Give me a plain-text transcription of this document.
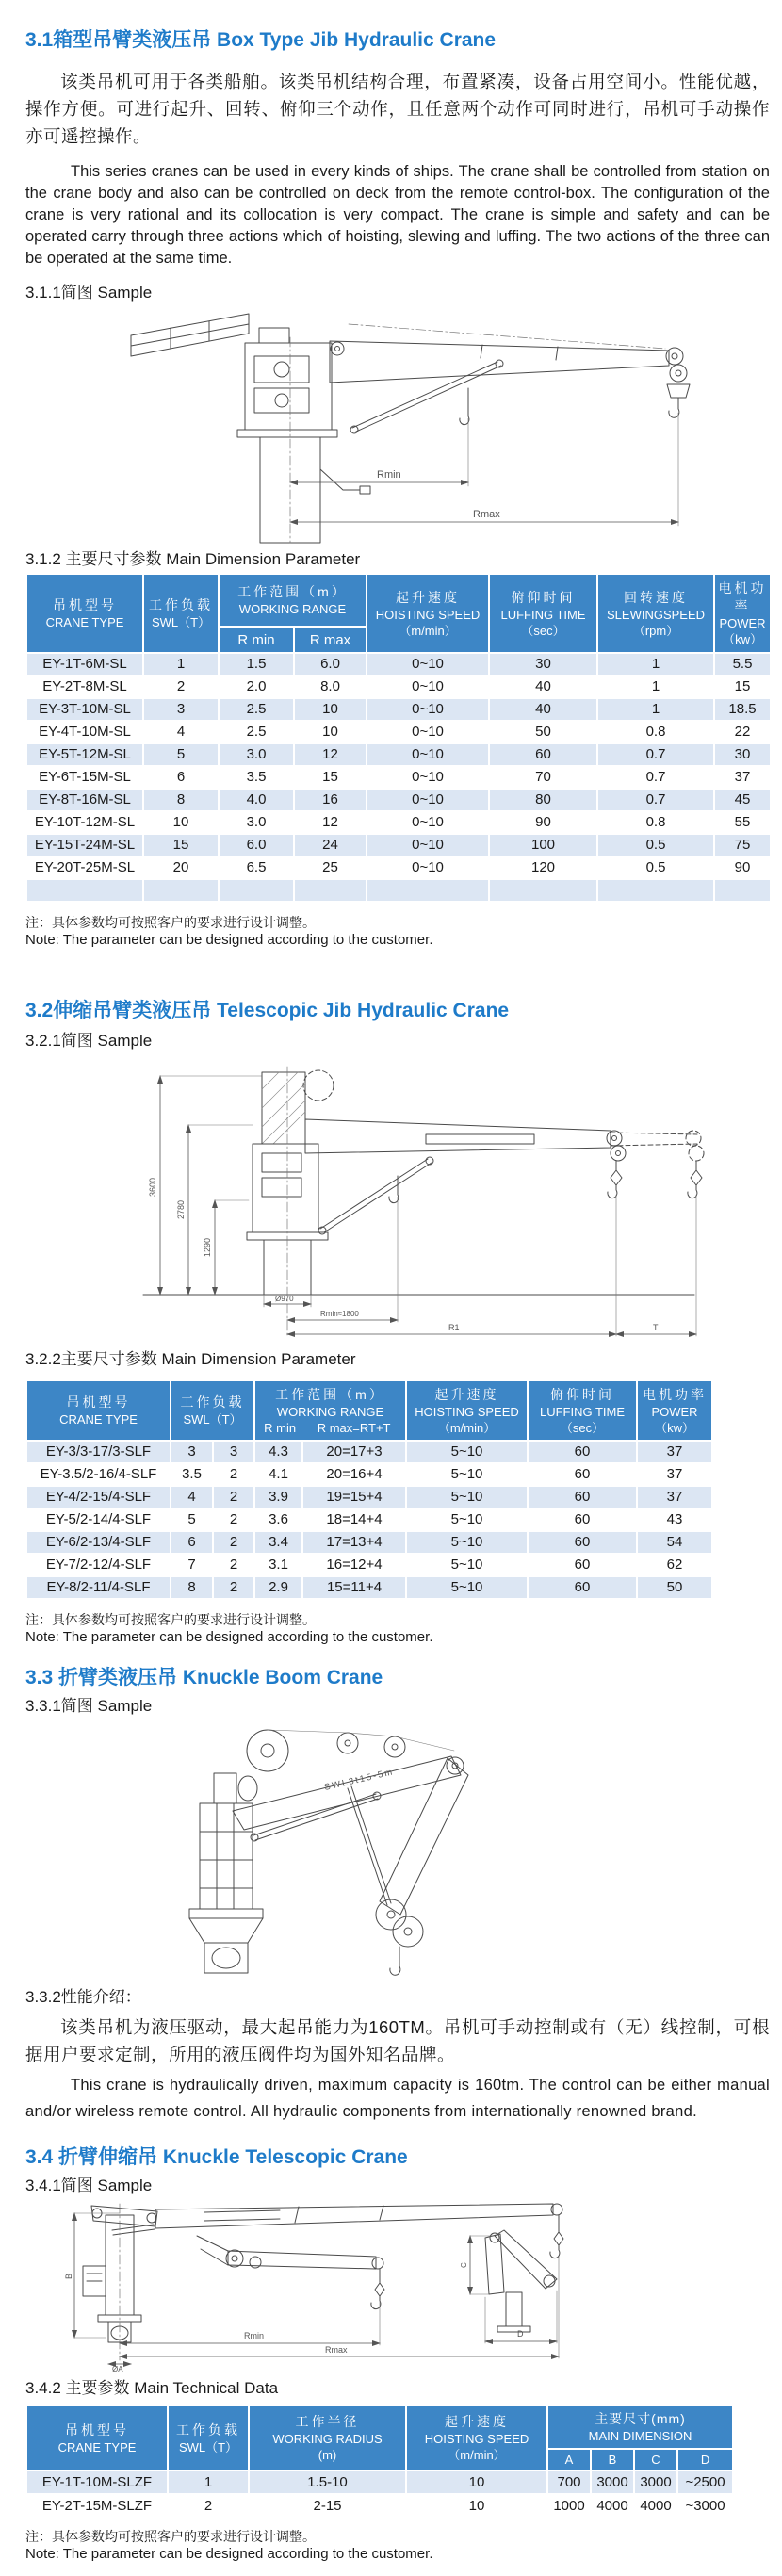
3.1箱型吊臂类液压吊 Box Type Jib Hydraulic Crane

该类吊机可用于各类船舶。该类吊机结构合理，布置紧凑，设备占用空间小。性能优越，操作方便。可进行起升、回转、俯仰三个动作，且任意两个动作可同时进行，吊机可手动操作亦可遥控操作。

This series cranes can be used in every kinds of ships. The crane shall be controlled from station on the crane body and also can be controlled on deck from the remote control-box. The configuration of the crane is very rational and its collocation is very compact. The crane is simple and safety and can be operated carry through three actions which of hoisting, slewing and luffing. The two actions of the three can be operated at the same time.

3.1.1简图 Sample
Rmin
Rmax
3.1.2 主要尺寸参数 Main Dimension Parameter
吊机型号
CRANE TYPE	工作负载
SWL（T）	工作范围（m）
WORKING RANGE		起升速度
HOISTING SPEED
（m/min）	俯仰时间
LUFFING TIME
（sec）	回转速度
SLEWINGSPEED
（rpm）	电机功率
POWER
（kw）

		R min	R max				
EY-1T-6M-SL	1	1.5	6.0	0~10	30	1	5.5
EY-2T-8M-SL	2	2.0	8.0	0~10	40	1	15
EY-3T-10M-SL	3	2.5	10	0~10	40	1	18.5
EY-4T-10M-SL	4	2.5	10	0~10	50	0.8	22
EY-5T-12M-SL	5	3.0	12	0~10	60	0.7	30
EY-6T-15M-SL	6	3.5	15	0~10	70	0.7	37
EY-8T-16M-SL	8	4.0	16	0~10	80	0.7	45
EY-10T-12M-SL	10	3.0	12	0~10	90	0.8	55
EY-15T-24M-SL	15	6.0	24	0~10	100	0.5	75
EY-20T-25M-SL	20	6.5	25	0~10	120	0.5	90

注：具体参数均可按照客户的要求进行设计调整。
Note: The parameter can be designed according to the customer.
3.2伸缩吊臂类液压吊 Telescopic Jib Hydraulic Crane
3.2.1简图 Sample
3600
2780
1290
Ø970
Rmin≈1800
R1	T
3.2.2主要尺寸参数 Main Dimension Parameter
吊机型号
CRANE TYPE	工作负载
SWL（T）		工作范围（m）
WORKING RANGE
R min R max=RT+T		起升速度
HOISTING SPEED
（m/min）	俯仰时间
LUFFING TIME
（sec）	电机功率
POWER
（kw）

EY-3/3-17/3-SLF	3	3	4.3	20=17+3	5~10	60	37
EY-3.5/2-16/4-SLF	3.5	2	4.1	20=16+4	5~10	60	37
EY-4/2-15/4-SLF	4	2	3.9	19=15+4	5~10	60	37
EY-5/2-14/4-SLF	5	2	3.6	18=14+4	5~10	60	43
EY-6/2-13/4-SLF	6	2	3.4	17=13+4	5~10	60	54
EY-7/2-12/4-SLF	7	2	3.1	16=12+4	5~10	60	62
EY-8/2-11/4-SLF	8	2	2.9	15=11+4	5~10	60	50
注：具体参数均可按照客户的要求进行设计调整。
Note: The parameter can be designed according to the customer.
3.3 折臂类液压吊 Knuckle Boom Crane
3.3.1简图 Sample
SWL3t15-5m
3.3.2性能介绍：

该类吊机为液压驱动，最大起吊能力为160TM。吊机可手动控制或有（无）线控制，可根据用户要求定制，所用的液压阀件均为国外知名品牌。

This crane is hydraulically driven, maximum capacity is 160tm. The control can be either manual and/or wireless remote control. All hydraulic components from internationally renowned brand.

3.4 折臂伸缩吊 Knuckle Telescopic Crane
3.4.1简图 Sample
B
C
D
Rmin
Rmax
ØA
3.4.2 主要参数 Main Technical Data
吊机型号
CRANE TYPE	工作负载
SWL（T）	工作半径
WORKING RADIUS
(m)	起升速度
HOISTING SPEED
（m/min）	主要尺寸(mm)
MAIN DIMENSION			

				A	B	C	D
EY-1T-10M-SLZF	1	1.5-10	10	700	3000	3000	~2500
EY-2T-15M-SLZF	2	2-15	10	1000	4000	4000	~3000
注：具体参数均可按照客户的要求进行设计调整。
Note: The parameter can be designed according to the customer.
